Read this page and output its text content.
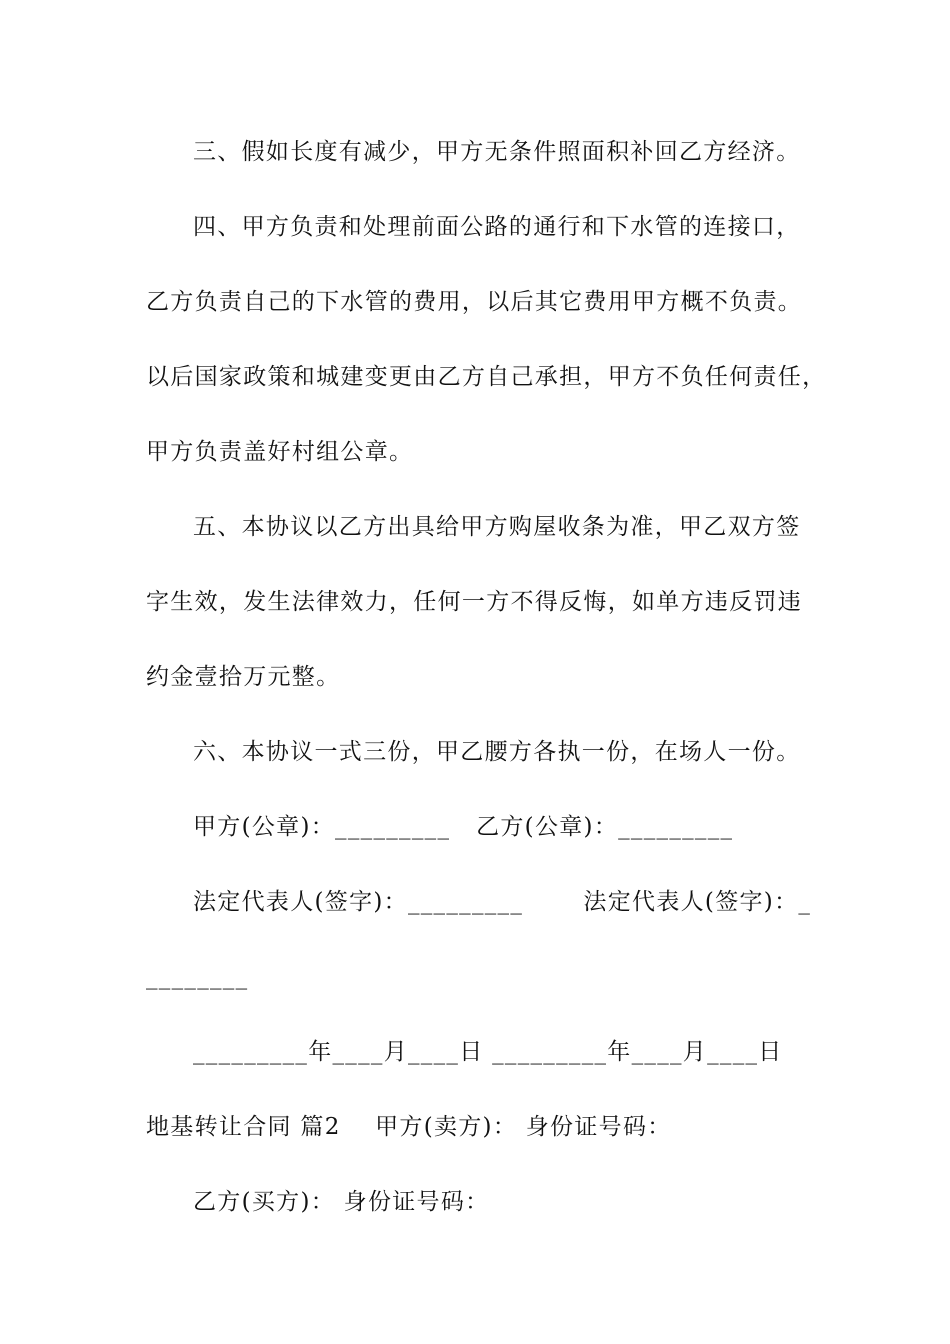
三、假如长度有减少，甲方无条件照面积补回乙方经济。
四、甲方负责和处理前面公路的通行和下水管的连接口，
乙方负责自己的下水管的费用，以后其它费用甲方概不负责。
以后国家政策和城建变更由乙方自己承担，甲方不负任何责任，
甲方负责盖好村组公章。
五、本协议以乙方出具给甲方购屋收条为准，甲乙双方签
字生效，发生法律效力，任何一方不得反悔，如单方违反罚违
约金壹拾万元整。
六、本协议一式三份，甲乙腰方各执一份，在场人一份。
甲方(公章)：_________   乙方(公章)：_________
法定代表人(签字)：_________       法定代表人(签字)：_
________
_________年____月____日 _________年____月____日
地基转让合同 篇2    甲方(卖方)： 身份证号码：
乙方(买方)： 身份证号码：
